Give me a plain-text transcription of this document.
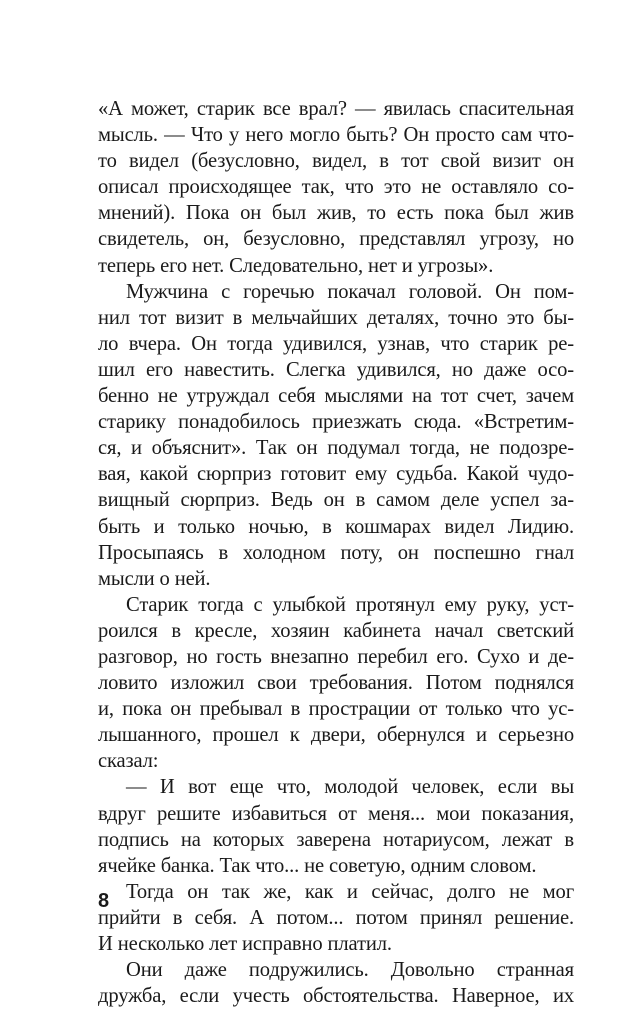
«А может, старик все врал? — явилась спасительная
мысль. — Что у него могло быть? Он просто сам что-
то видел (безусловно, видел, в тот свой визит он
описал происходящее так, что это не оставляло со-
мнений). Пока он был жив, то есть пока был жив
свидетель, он, безусловно, представлял угрозу, но
теперь его нет. Следовательно, нет и угрозы».
Мужчина с горечью покачал головой. Он пом-
нил тот визит в мельчайших деталях, точно это бы-
ло вчера. Он тогда удивился, узнав, что старик ре-
шил его навестить. Слегка удивился, но даже осо-
бенно не утруждал себя мыслями на тот счет, зачем
старику понадобилось приезжать сюда. «Встретим-
ся, и объяснит». Так он подумал тогда, не подозре-
вая, какой сюрприз готовит ему судьба. Какой чудо-
вищный сюрприз. Ведь он в самом деле успел за-
быть и только ночью, в кошмарах видел Лидию.
Просыпаясь в холодном поту, он поспешно гнал
мысли о ней.
Старик тогда с улыбкой протянул ему руку, уст-
роился в кресле, хозяин кабинета начал светский
разговор, но гость внезапно перебил его. Сухо и де-
ловито изложил свои требования. Потом поднялся
и, пока он пребывал в прострации от только что ус-
лышанного, прошел к двери, обернулся и серьезно
сказал:
— И вот еще что, молодой человек, если вы
вдруг решите избавиться от меня... мои показания,
подпись на которых заверена нотариусом, лежат в
ячейке банка. Так что... не советую, одним словом.
Тогда он так же, как и сейчас, долго не мог
прийти в себя. А потом... потом принял решение.
И несколько лет исправно платил.
Они даже подружились. Довольно странная
дружба, если учесть обстоятельства. Наверное, их
8
